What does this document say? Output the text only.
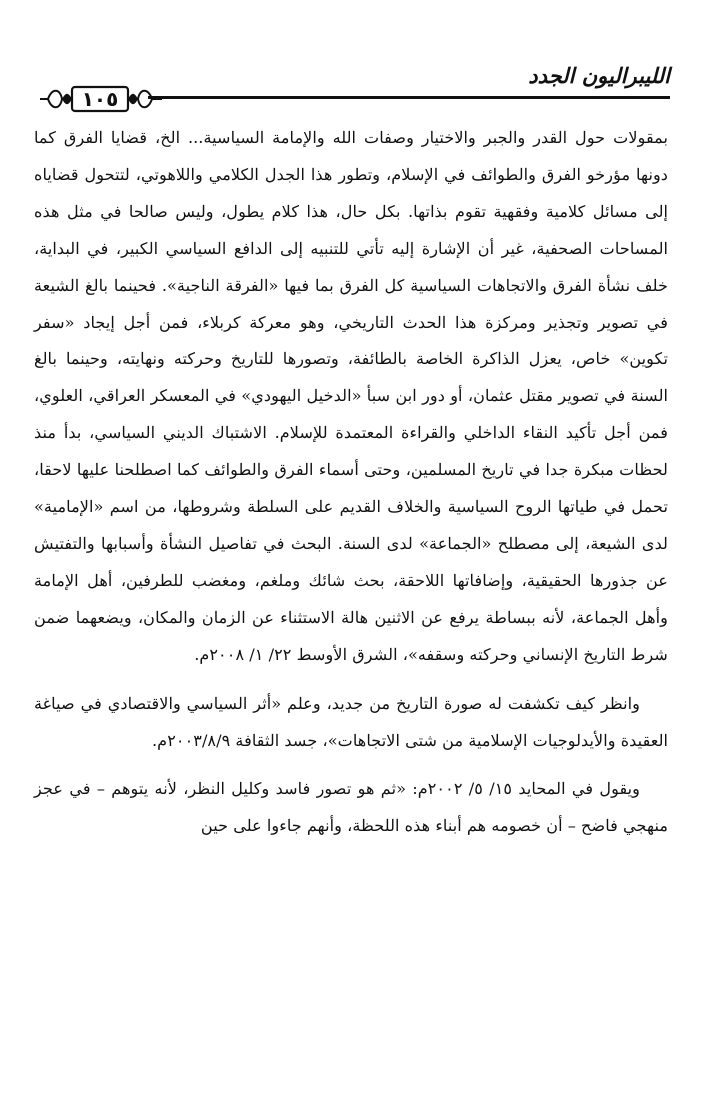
الليبراليون الجدد
١٠٥

بمقولات حول القدر والجبر والاختيار وصفات الله والإمامة السياسية... الخ، قضايا الفرق كما دونها مؤرخو الفرق والطوائف في الإسلام، وتطور هذا الجدل الكلامي واللاهوتي، لتتحول قضاياه إلى مسائل كلامية وفقهية تقوم بذاتها. بكل حال، هذا كلام يطول، وليس صالحا في مثل هذه المساحات الصحفية، غير أن الإشارة إليه تأتي للتنبيه إلى الدافع السياسي الكبير، في البداية، خلف نشأة الفرق والاتجاهات السياسية كل الفرق بما فيها «الفرقة الناجية». فحينما بالغ الشيعة في تصوير وتجذير ومركزة هذا الحدث التاريخي، وهو معركة كربلاء، فمن أجل إيجاد «سفر تكوين» خاص، يعزل الذاكرة الخاصة بالطائفة، وتصورها للتاريخ وحركته ونهايته، وحينما بالغ السنة في تصوير مقتل عثمان، أو دور ابن سبأ «الدخيل اليهودي» في المعسكر العراقي، العلوي، فمن أجل تأكيد النقاء الداخلي والقراءة المعتمدة للإسلام. الاشتباك الديني السياسي، بدأ منذ لحظات مبكرة جدا في تاريخ المسلمين، وحتى أسماء الفرق والطوائف كما اصطلحنا عليها لاحقا، تحمل في طياتها الروح السياسية والخلاف القديم على السلطة وشروطها، من اسم «الإمامية» لدى الشيعة، إلى مصطلح «الجماعة» لدى السنة. البحث في تفاصيل النشأة وأسبابها والتفتيش عن جذورها الحقيقية، وإضافاتها اللاحقة، بحث شائك وملغم، ومغضب للطرفين، أهل الإمامة وأهل الجماعة، لأنه ببساطة يرفع عن الاثنين هالة الاستثناء عن الزمان والمكان، ويضعهما ضمن شرط التاريخ الإنساني وحركته وسقفه»، الشرق الأوسط ٢٢/ ١/ ٢٠٠٨م.

وانظر كيف تكشفت له صورة التاريخ من جديد، وعلم «أثر السياسي والاقتصادي في صياغة العقيدة والأيدلوجيات الإسلامية من شتى الاتجاهات»، جسد الثقافة ٢٠٠٣/٨/٩م.

ويقول في المحايد ١٥/ ٥/ ٢٠٠٢م: «ثم هو تصور فاسد وكليل النظر، لأنه يتوهم – في عجز منهجي فاضح – أن خصومه هم أبناء هذه اللحظة، وأنهم جاءوا على حين
